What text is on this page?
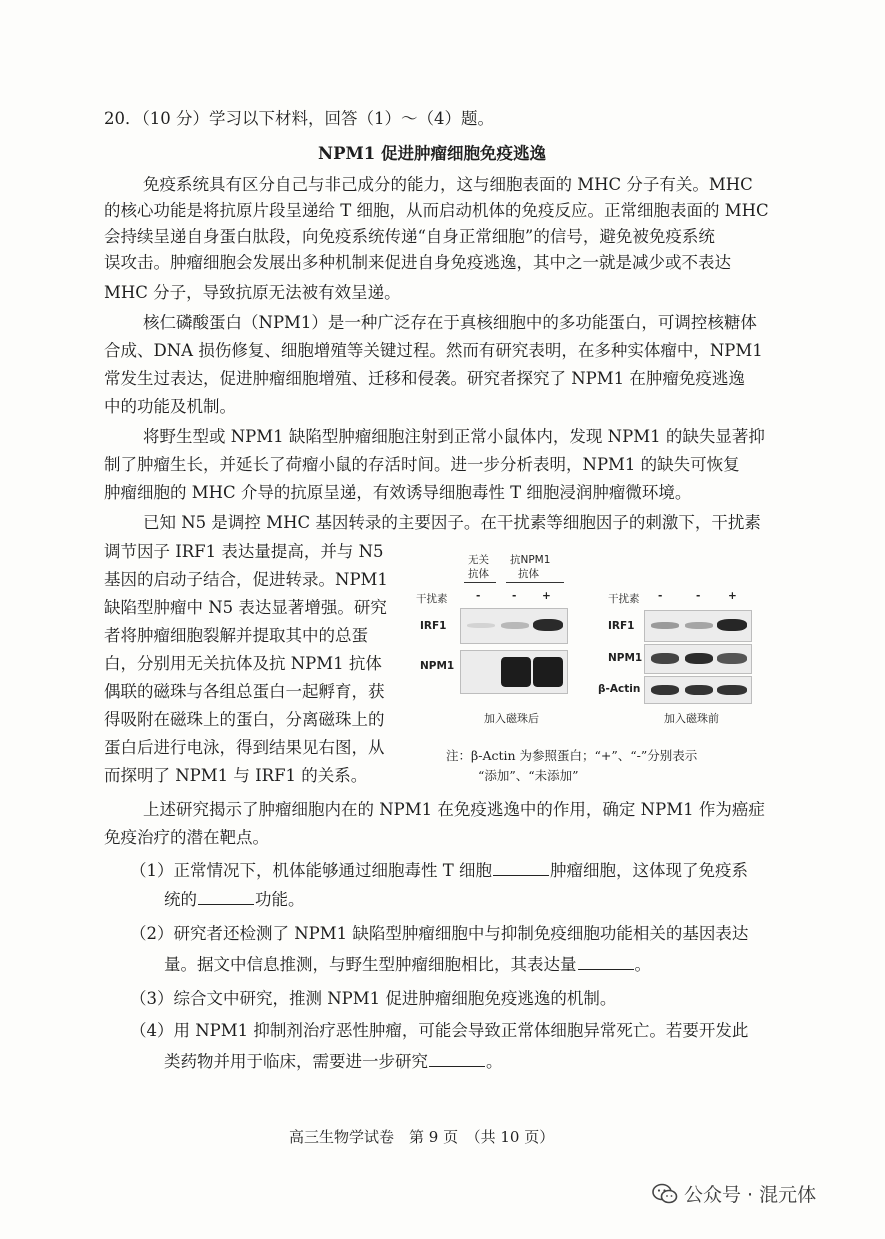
20．（10 分）学习以下材料，回答（1）～（4）题。
NPM1 促进肿瘤细胞免疫逃逸
免疫系统具有区分自己与非己成分的能力，这与细胞表面的 MHC 分子有关。MHC
的核心功能是将抗原片段呈递给 T 细胞，从而启动机体的免疫反应。正常细胞表面的 MHC
会持续呈递自身蛋白肽段，向免疫系统传递“自身正常细胞”的信号，避免被免疫系统
误攻击。肿瘤细胞会发展出多种机制来促进自身免疫逃逸，其中之一就是减少或不表达
MHC 分子，导致抗原无法被有效呈递。
核仁磷酸蛋白（NPM1）是一种广泛存在于真核细胞中的多功能蛋白，可调控核糖体
合成、DNA 损伤修复、细胞增殖等关键过程。然而有研究表明，在多种实体瘤中，NPM1
常发生过表达，促进肿瘤细胞增殖、迁移和侵袭。研究者探究了 NPM1 在肿瘤免疫逃逸
中的功能及机制。
将野生型或 NPM1 缺陷型肿瘤细胞注射到正常小鼠体内，发现 NPM1 的缺失显著抑
制了肿瘤生长，并延长了荷瘤小鼠的存活时间。进一步分析表明，NPM1 的缺失可恢复
肿瘤细胞的 MHC 介导的抗原呈递，有效诱导细胞毒性 T 细胞浸润肿瘤微环境。
已知 N5 是调控 MHC 基因转录的主要因子。在干扰素等细胞因子的刺激下，干扰素
调节因子 IRF1 表达量提高，并与 N5
基因的启动子结合，促进转录。NPM1
缺陷型肿瘤中 N5 表达显著增强。研究
者将肿瘤细胞裂解并提取其中的总蛋
白，分别用无关抗体及抗 NPM1 抗体
偶联的磁珠与各组总蛋白一起孵育，获
得吸附在磁珠上的蛋白，分离磁珠上的
蛋白后进行电泳，得到结果见右图，从
而探明了 NPM1 与 IRF1 的关系。
无关
抗体
抗NPM1
抗体
干扰素	-	- +
IRF1
NPM1
加入磁珠后
干扰素 -	-	+
IRF1
NPM1
β-Actin
加入磁珠前
注：β-Actin 为参照蛋白；“+”、“-”分别表示
“添加”、“未添加”
上述研究揭示了肿瘤细胞内在的 NPM1 在免疫逃逸中的作用，确定 NPM1 作为癌症
免疫治疗的潜在靶点。
（1）正常情况下，机体能够通过细胞毒性 T 细胞	肿瘤细胞，这体现了免疫系
统的	功能。
（2）研究者还检测了 NPM1 缺陷型肿瘤细胞中与抑制免疫细胞功能相关的基因表达
量。据文中信息推测，与野生型肿瘤细胞相比，其表达量	。
（3）综合文中研究，推测 NPM1 促进肿瘤细胞免疫逃逸的机制。
（4）用 NPM1 抑制剂治疗恶性肿瘤，可能会导致正常体细胞异常死亡。若要开发此
类药物并用于临床，需要进一步研究	。
高三生物学试卷　第 9 页　（共 10 页）
公众号 · 混元体
